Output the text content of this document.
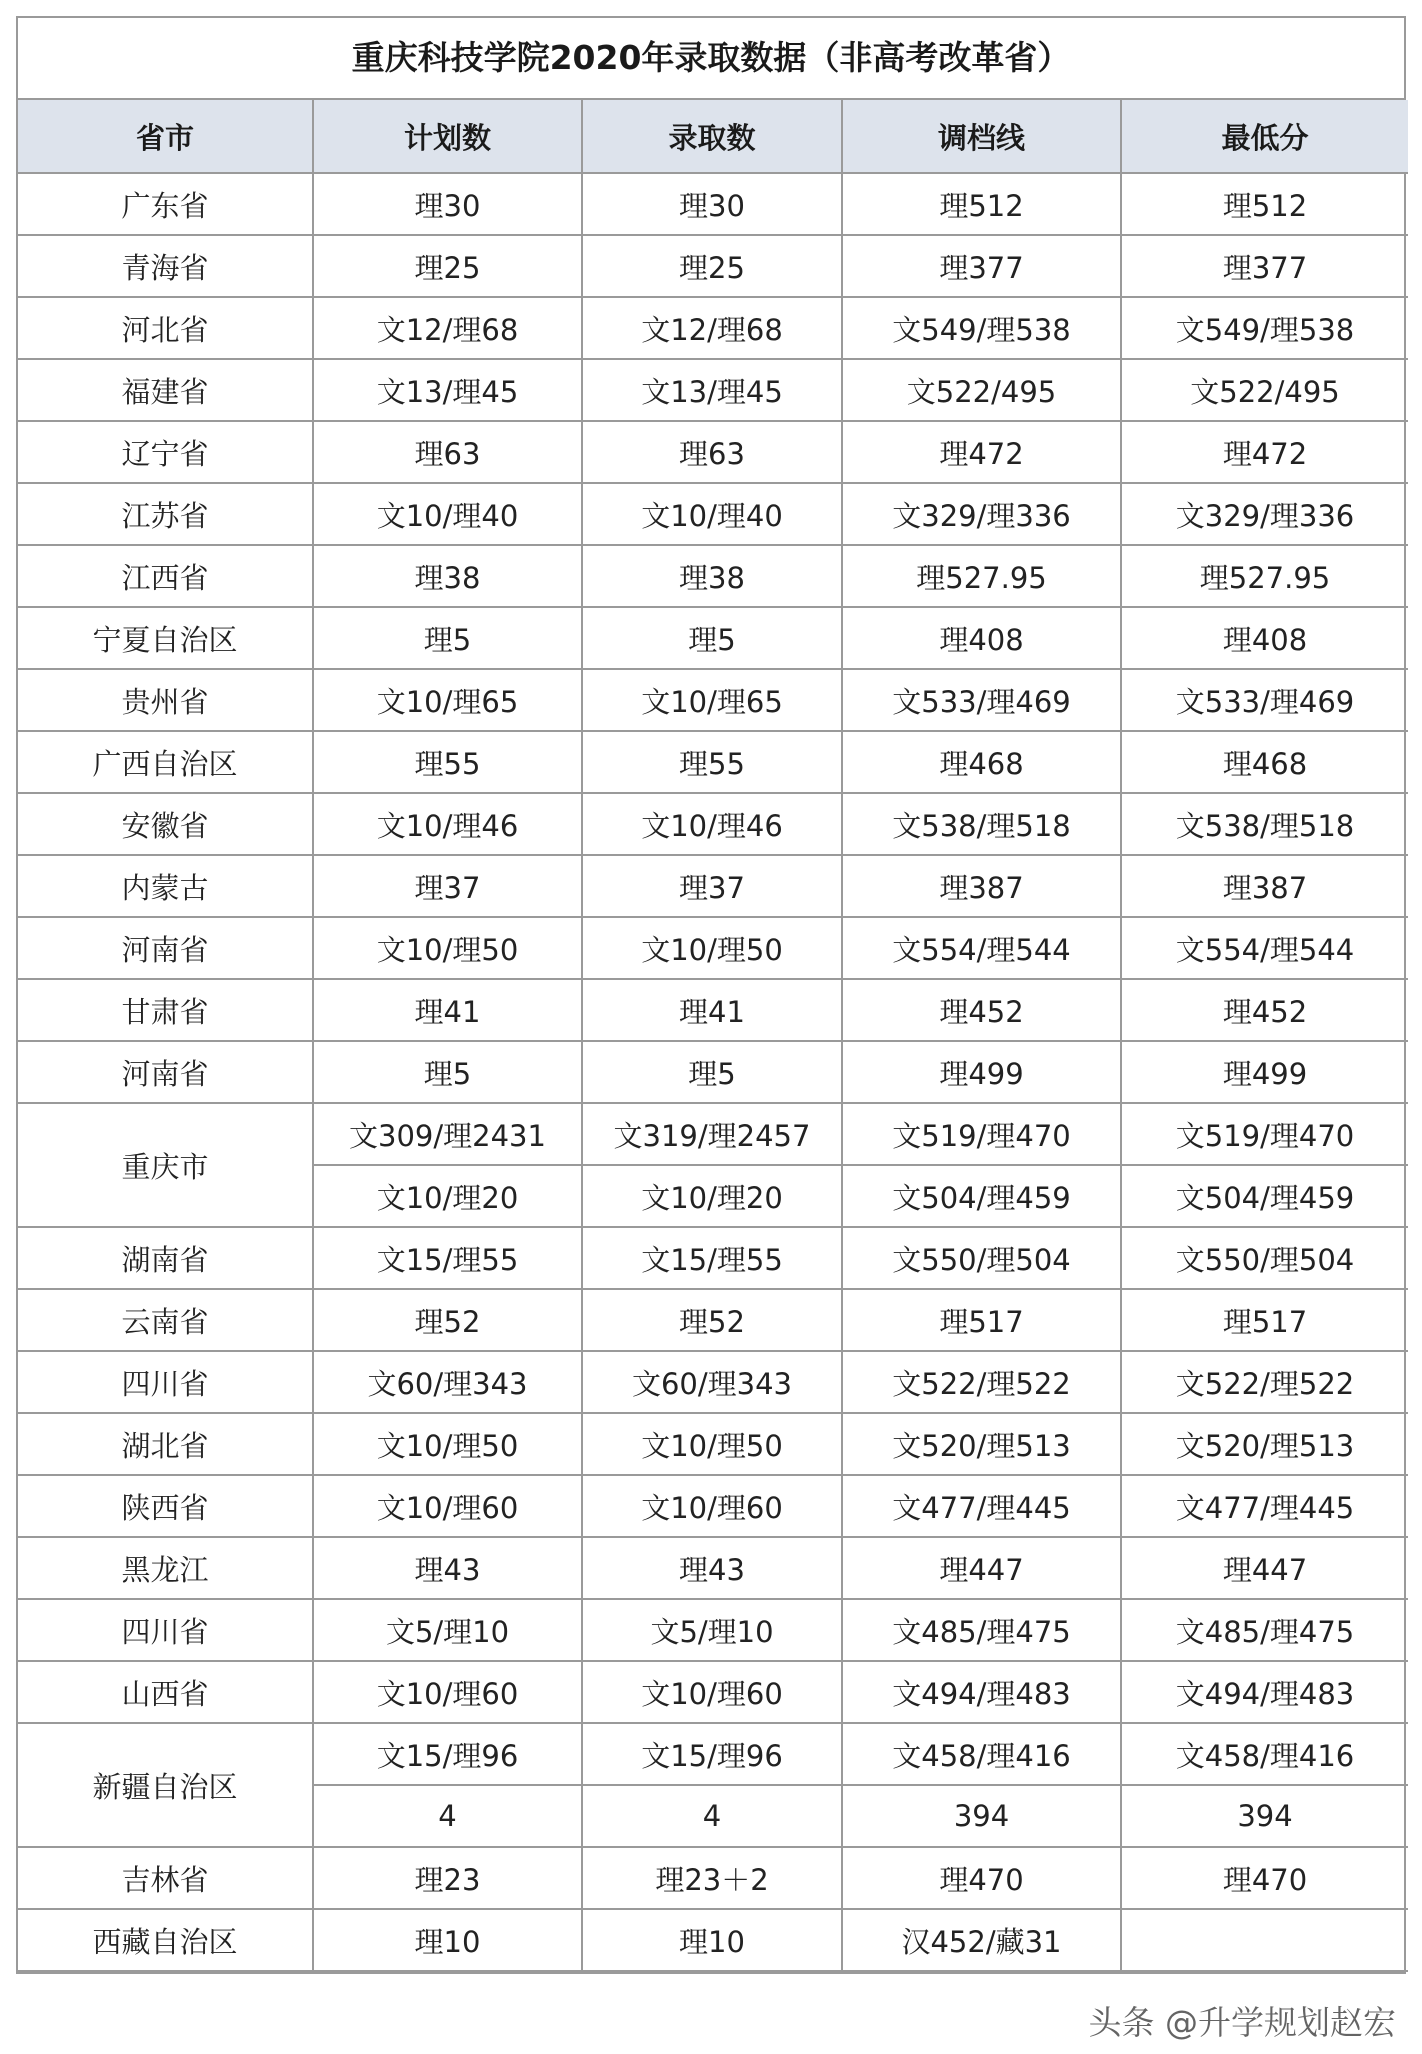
重庆科技学院2020年录取数据（非高考改革省）
省市	计划数	录取数	调档线	最低分
广东省	理30	理30	理512	理512
青海省	理25	理25	理377	理377
河北省	文12/理68	文12/理68	文549/理538	文549/理538
福建省	文13/理45	文13/理45	文522/495	文522/495
辽宁省	理63	理63	理472	理472
江苏省	文10/理40	文10/理40	文329/理336	文329/理336
江西省	理38	理38	理527.95	理527.95
宁夏自治区	理5	理5	理408	理408
贵州省	文10/理65	文10/理65	文533/理469	文533/理469
广西自治区	理55	理55	理468	理468
安徽省	文10/理46	文10/理46	文538/理518	文538/理518
内蒙古	理37	理37	理387	理387
河南省	文10/理50	文10/理50	文554/理544	文554/理544
甘肃省	理41	理41	理452	理452
河南省	理5	理5	理499	理499
重庆市	文309/理2431	文319/理2457	文519/理470	文519/理470
	文10/理20	文10/理20	文504/理459	文504/理459
湖南省	文15/理55	文15/理55	文550/理504	文550/理504
云南省	理52	理52	理517	理517
四川省	文60/理343	文60/理343	文522/理522	文522/理522
湖北省	文10/理50	文10/理50	文520/理513	文520/理513
陕西省	文10/理60	文10/理60	文477/理445	文477/理445
黑龙江	理43	理43	理447	理447
四川省	文5/理10	文5/理10	文485/理475	文485/理475
山西省	文10/理60	文10/理60	文494/理483	文494/理483
新疆自治区	文15/理96	文15/理96	文458/理416	文458/理416
	4	4	394	394
吉林省	理23	理23＋2	理470	理470
西藏自治区	理10	理10	汉452/藏31	
头条 @升学规划赵宏
